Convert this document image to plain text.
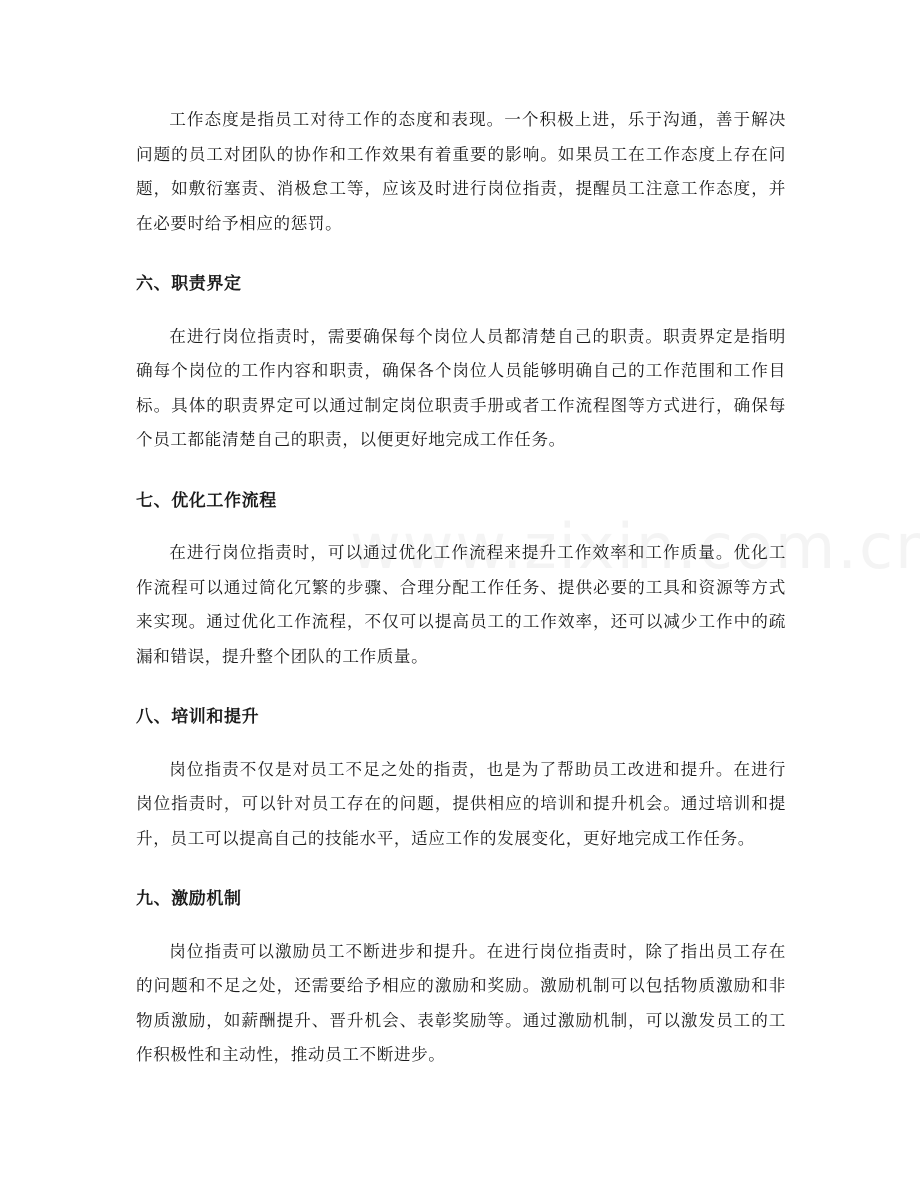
工作态度是指员工对待工作的态度和表现。一个积极上进，乐于沟通，善于解决问题的员工对团队的协作和工作效果有着重要的影响。如果员工在工作态度上存在问题，如敷衍塞责、消极怠工等，应该及时进行岗位指责，提醒员工注意工作态度，并在必要时给予相应的惩罚。

六、职责界定

在进行岗位指责时，需要确保每个岗位人员都清楚自己的职责。职责界定是指明确每个岗位的工作内容和职责，确保各个岗位人员能够明确自己的工作范围和工作目标。具体的职责界定可以通过制定岗位职责手册或者工作流程图等方式进行，确保每个员工都能清楚自己的职责，以便更好地完成工作任务。

七、优化工作流程

在进行岗位指责时，可以通过优化工作流程来提升工作效率和工作质量。优化工作流程可以通过简化冗繁的步骤、合理分配工作任务、提供必要的工具和资源等方式来实现。通过优化工作流程，不仅可以提高员工的工作效率，还可以减少工作中的疏漏和错误，提升整个团队的工作质量。

八、培训和提升

岗位指责不仅是对员工不足之处的指责，也是为了帮助员工改进和提升。在进行岗位指责时，可以针对员工存在的问题，提供相应的培训和提升机会。通过培训和提升，员工可以提高自己的技能水平，适应工作的发展变化，更好地完成工作任务。

九、激励机制

岗位指责可以激励员工不断进步和提升。在进行岗位指责时，除了指出员工存在的问题和不足之处，还需要给予相应的激励和奖励。激励机制可以包括物质激励和非物质激励，如薪酬提升、晋升机会、表彰奖励等。通过激励机制，可以激发员工的工作积极性和主动性，推动员工不断进步。
